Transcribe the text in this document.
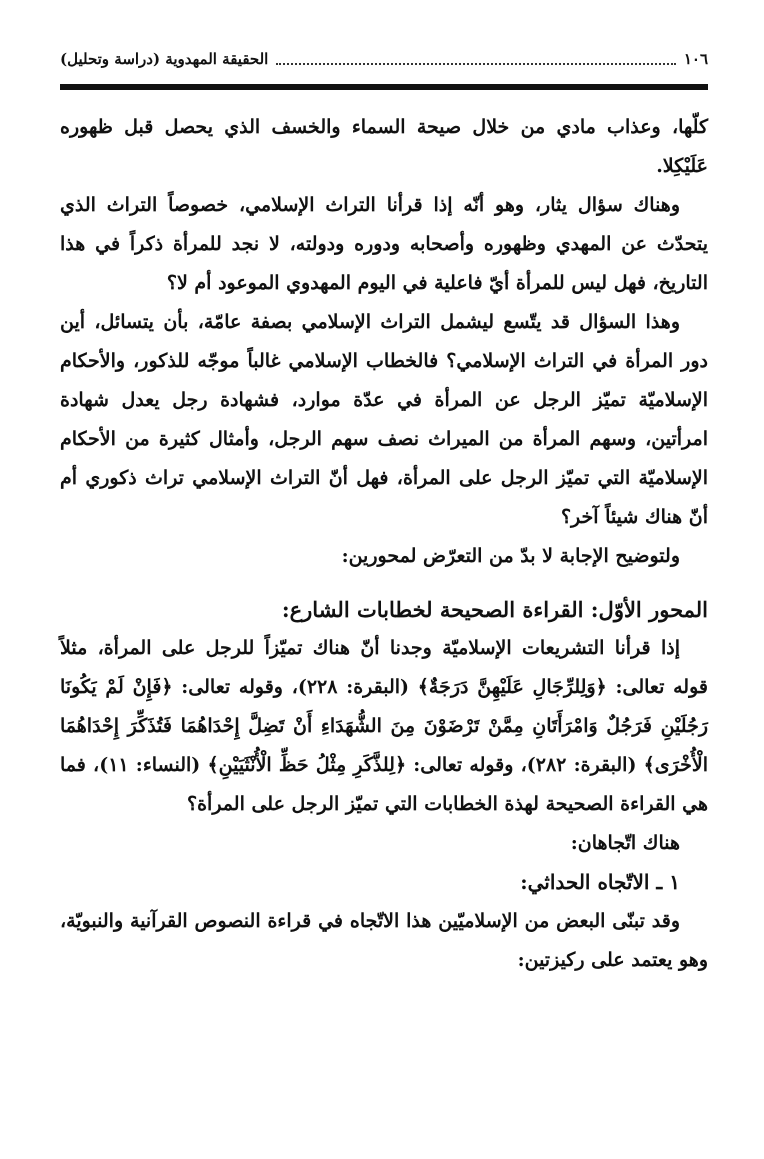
١٠٦
الحقيقة المهدوية (دراسة وتحليل)

كلّها، وعذاب مادي من خلال صيحة السماء والخسف الذي يحصل قبل ظهوره عَلَيْكِلا.

وهناك سؤال يثار، وهو أنّه إذا قرأنا التراث الإسلامي، خصوصاً التراث الذي يتحدّث عن المهدي وظهوره وأصحابه ودوره ودولته، لا نجد للمرأة ذكراً في هذا التاريخ، فهل ليس للمرأة أيّ فاعلية في اليوم المهدوي الموعود أم لا؟

وهذا السؤال قد يتّسع ليشمل التراث الإسلامي بصفة عامّة، بأن يتسائل، أين دور المرأة في التراث الإسلامي؟ فالخطاب الإسلامي غالباً موجّه للذكور، والأحكام الإسلاميّة تميّز الرجل عن المرأة في عدّة موارد، فشهادة رجل يعدل شهادة امرأتين، وسهم المرأة من الميراث نصف سهم الرجل، وأمثال كثيرة من الأحكام الإسلاميّة التي تميّز الرجل على المرأة، فهل أنّ التراث الإسلامي تراث ذكوري أم أنّ هناك شيئاً آخر؟

ولتوضيح الإجابة لا بدّ من التعرّض لمحورين:

المحور الأوّل: القراءة الصحيحة لخطابات الشارع:

إذا قرأنا التشريعات الإسلاميّة وجدنا أنّ هناك تميّزاً للرجل على المرأة، مثلاً قوله تعالى: ﴿وَلِلرِّجَالِ عَلَيْهِنَّ دَرَجَةٌ﴾ (البقرة: ٢٢٨)، وقوله تعالى: ﴿فَإِنْ لَمْ يَكُونَا رَجُلَيْنِ فَرَجُلٌ وَامْرَأَتَانِ مِمَّنْ تَرْضَوْنَ مِنَ الشُّهَدَاءِ أَنْ تَضِلَّ إِحْدَاهُمَا فَتُذَكِّرَ إِحْدَاهُمَا الْأُخْرَى﴾ (البقرة: ٢٨٢)، وقوله تعالى: ﴿لِلذَّكَرِ مِثْلُ حَظِّ الْأُنْثَيَيْنِ﴾ (النساء: ١١)، فما هي القراءة الصحيحة لهذة الخطابات التي تميّز الرجل على المرأة؟

هناك اتّجاهان:

١ ـ الاتّجاه الحداثي:

وقد تبنّى البعض من الإسلاميّين هذا الاتّجاه في قراءة النصوص القرآنية والنبويّة، وهو يعتمد على ركيزتين:
